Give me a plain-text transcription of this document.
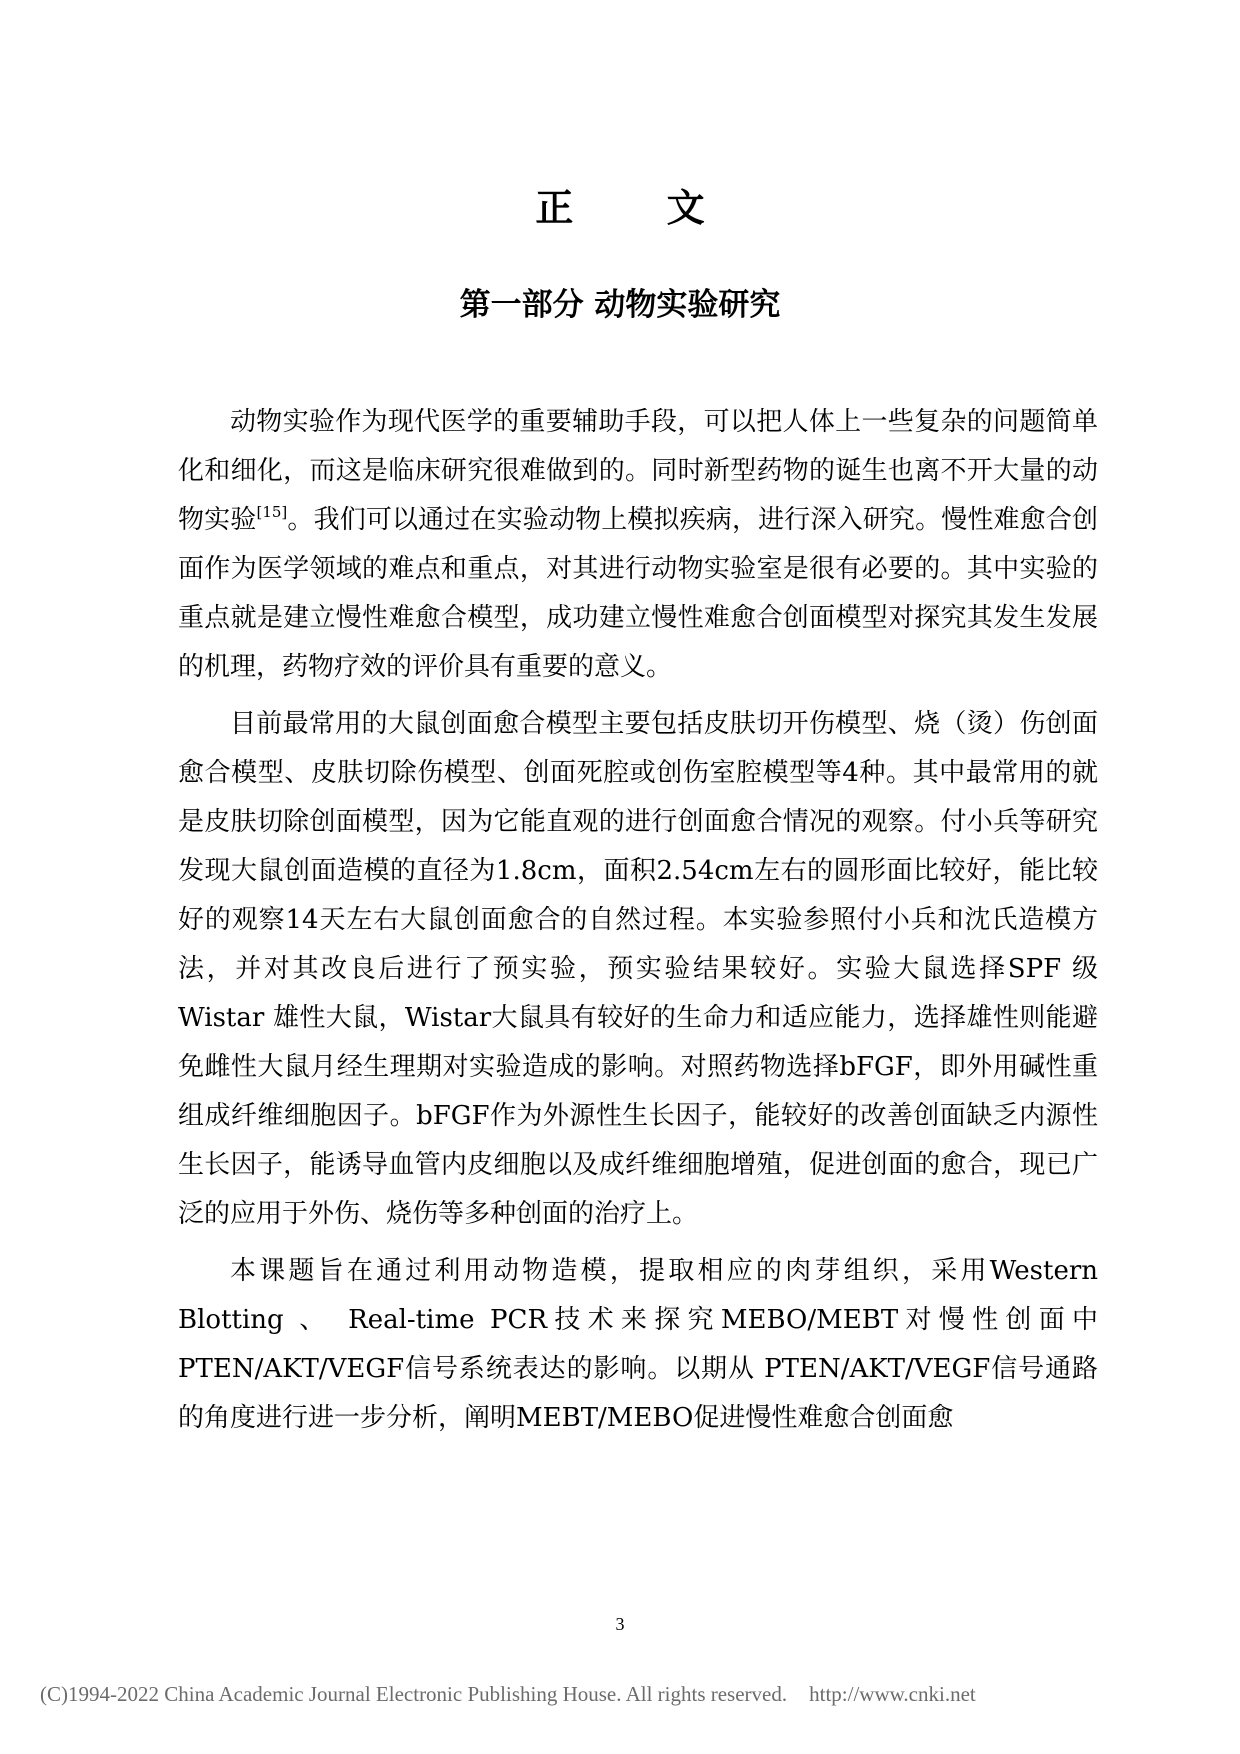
正 文
第一部分 动物实验研究

动物实验作为现代医学的重要辅助手段，可以把人体上一些复杂的问题简单化和细化，而这是临床研究很难做到的。同时新型药物的诞生也离不开大量的动物实验[15]。我们可以通过在实验动物上模拟疾病，进行深入研究。慢性难愈合创面作为医学领域的难点和重点，对其进行动物实验室是很有必要的。其中实验的重点就是建立慢性难愈合模型，成功建立慢性难愈合创面模型对探究其发生发展的机理，药物疗效的评价具有重要的意义。

目前最常用的大鼠创面愈合模型主要包括皮肤切开伤模型、烧（烫）伤创面愈合模型、皮肤切除伤模型、创面死腔或创伤室腔模型等4种。其中最常用的就是皮肤切除创面模型，因为它能直观的进行创面愈合情况的观察。付小兵等研究发现大鼠创面造模的直径为1.8cm，面积2.54cm左右的圆形面比较好，能比较好的观察14天左右大鼠创面愈合的自然过程。本实验参照付小兵和沈氏造模方法，并对其改良后进行了预实验，预实验结果较好。实验大鼠选择SPF 级Wistar 雄性大鼠，Wistar大鼠具有较好的生命力和适应能力，选择雄性则能避免雌性大鼠月经生理期对实验造成的影响。对照药物选择bFGF，即外用碱性重组成纤维细胞因子。bFGF作为外源性生长因子，能较好的改善创面缺乏内源性生长因子，能诱导血管内皮细胞以及成纤维细胞增殖，促进创面的愈合，现已广泛的应用于外伤、烧伤等多种创面的治疗上。

本课题旨在通过利用动物造模，提取相应的肉芽组织，采用Western Blotting 、 Real-time PCR技术来探究MEBO/MEBT对慢性创面中PTEN/AKT/VEGF信号系统表达的影响。以期从 PTEN/AKT/VEGF信号通路的角度进行进一步分析，阐明MEBT/MEBO促进慢性难愈合创面愈

3
(C)1994-2022 China Academic Journal Electronic Publishing House. All rights reserved. http://www.cnki.net
